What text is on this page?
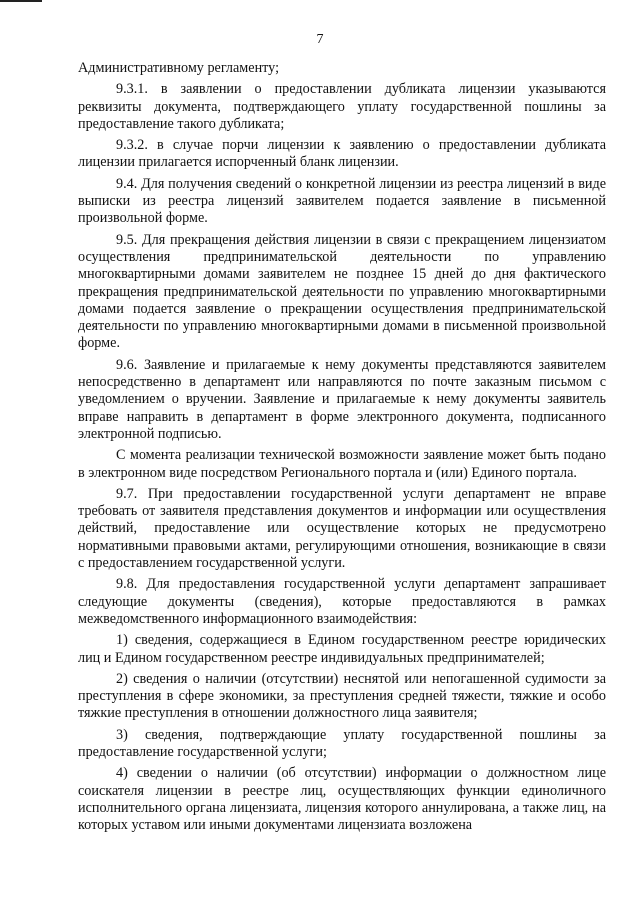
7

Административному регламенту;

9.3.1. в заявлении о предоставлении дубликата лицензии указываются реквизиты документа, подтверждающего уплату государственной пошлины за предоставление такого дубликата;

9.3.2. в случае порчи лицензии к заявлению о предоставлении дубликата лицензии прилагается испорченный бланк лицензии.

9.4. Для получения сведений о конкретной лицензии из реестра лицензий в виде выписки из реестра лицензий заявителем подается заявление в письменной произвольной форме.

9.5. Для прекращения действия лицензии в связи с прекращением лицензиатом осуществления предпринимательской деятельности по управлению многоквартирными домами заявителем не позднее 15 дней до дня фактического прекращения предпринимательской деятельности по управлению многоквартирными домами подается заявление о прекращении осуществления предпринимательской деятельности по управлению многоквартирными домами в письменной произвольной форме.

9.6. Заявление и прилагаемые к нему документы представляются заявителем непосредственно в департамент или направляются по почте заказным письмом с уведомлением о вручении. Заявление и прилагаемые к нему документы заявитель вправе направить в департамент в форме электронного документа, подписанного электронной подписью.

С момента реализации технической возможности заявление может быть подано в электронном виде посредством Регионального портала и (или) Единого портала.

9.7. При предоставлении государственной услуги департамент не вправе требовать от заявителя представления документов и информации или осуществления действий, предоставление или осуществление которых не предусмотрено нормативными правовыми актами, регулирующими отношения, возникающие в связи с предоставлением государственной услуги.

9.8. Для предоставления государственной услуги департамент запрашивает следующие документы (сведения), которые предоставляются в рамках межведомственного информационного взаимодействия:

1) сведения, содержащиеся в Едином государственном реестре юридических лиц и Едином государственном реестре индивидуальных предпринимателей;

2) сведения о наличии (отсутствии) неснятой или непогашенной судимости за преступления в сфере экономики, за преступления средней тяжести, тяжкие и особо тяжкие преступления в отношении должностного лица заявителя;

3) сведения, подтверждающие уплату государственной пошлины за предоставление государственной услуги;

4) сведении о наличии (об отсутствии) информации о должностном лице соискателя лицензии в реестре лиц, осуществляющих функции единоличного исполнительного органа лицензиата, лицензия которого аннулирована, а также лиц, на которых уставом или иными документами лицензиата возложена
